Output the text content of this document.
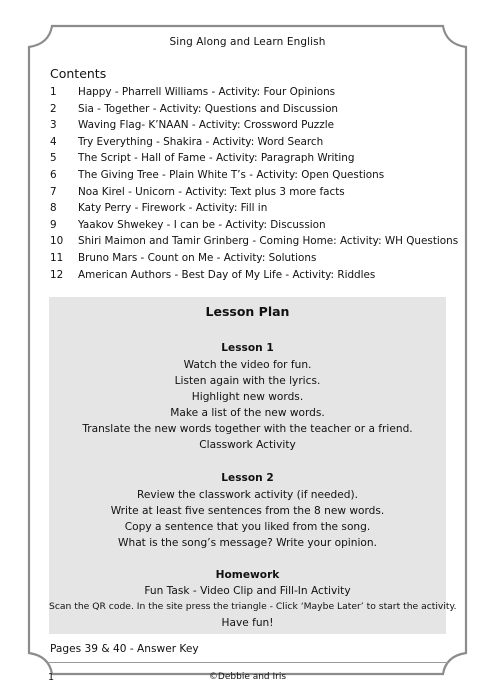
Sing Along and Learn English
Contents
1 Happy - Pharrell Williams - Activity: Four Opinions
2 Sia - Together - Activity: Questions and Discussion
3 Waving Flag- K’NAAN - Activity: Crossword Puzzle
4 Try Everything - Shakira - Activity: Word Search
5 The Script - Hall of Fame - Activity: Paragraph Writing
6 The Giving Tree - Plain White T’s - Activity: Open Questions
7 Noa Kirel - Unicorn - Activity: Text plus 3 more facts
8 Katy Perry - Firework - Activity: Fill in
9 Yaakov Shwekey - I can be - Activity: Discussion
10 Shiri Maimon and Tamir Grinberg - Coming Home: Activity: WH Questions
11 Bruno Mars - Count on Me - Activity: Solutions
12 American Authors - Best Day of My Life - Activity: Riddles
Lesson Plan
Lesson 1
Watch the video for fun.
Listen again with the lyrics.
Highlight new words.
Make a list of the new words.
Translate the new words together with the teacher or a friend.
Classwork Activity
Lesson 2
Review the classwork activity (if needed).
Write at least five sentences from the 8 new words.
Copy a sentence that you liked from the song.
What is the song’s message? Write your opinion.
Homework
Fun Task - Video Clip and Fill-In Activity
Scan the QR code. In the site press the triangle - Click ‘Maybe Later’ to start the activity.
Have fun!
Pages 39 & 40 - Answer Key
1	©Debbie and Iris
